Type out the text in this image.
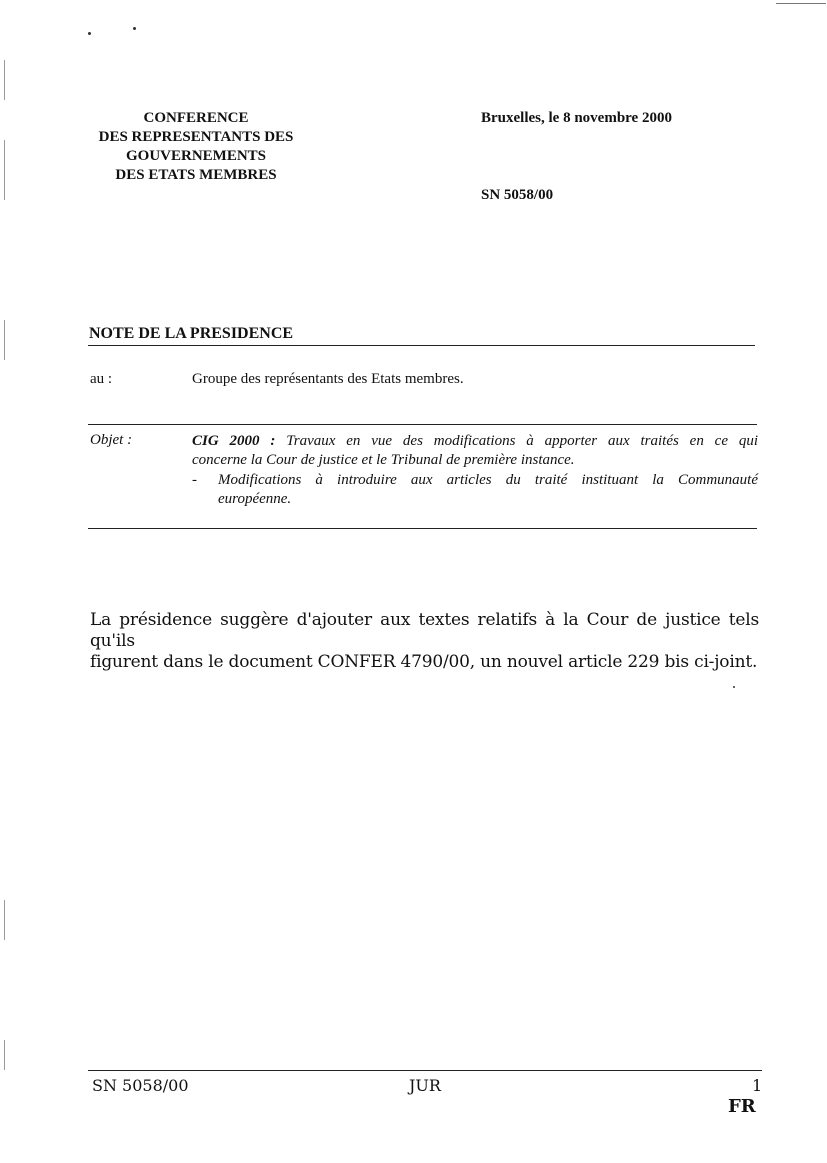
CONFERENCE
DES REPRESENTANTS DES
GOUVERNEMENTS
DES ETATS MEMBRES
Bruxelles, le 8 novembre 2000
SN 5058/00
NOTE DE LA PRESIDENCE
au :	Groupe des représentants des Etats membres.
Objet :	CIG 2000 : Travaux en vue des modifications à apporter aux traités en ce qui
concerne la Cour de justice et le Tribunal de première instance.
-	Modifications à introduire aux articles du traité instituant la Communauté
européenne.
La présidence suggère d'ajouter aux textes relatifs à la Cour de justice tels qu'ils
figurent dans le document CONFER 4790/00, un nouvel article 229 bis ci-joint.
SN 5058/00	JUR	1
FR
